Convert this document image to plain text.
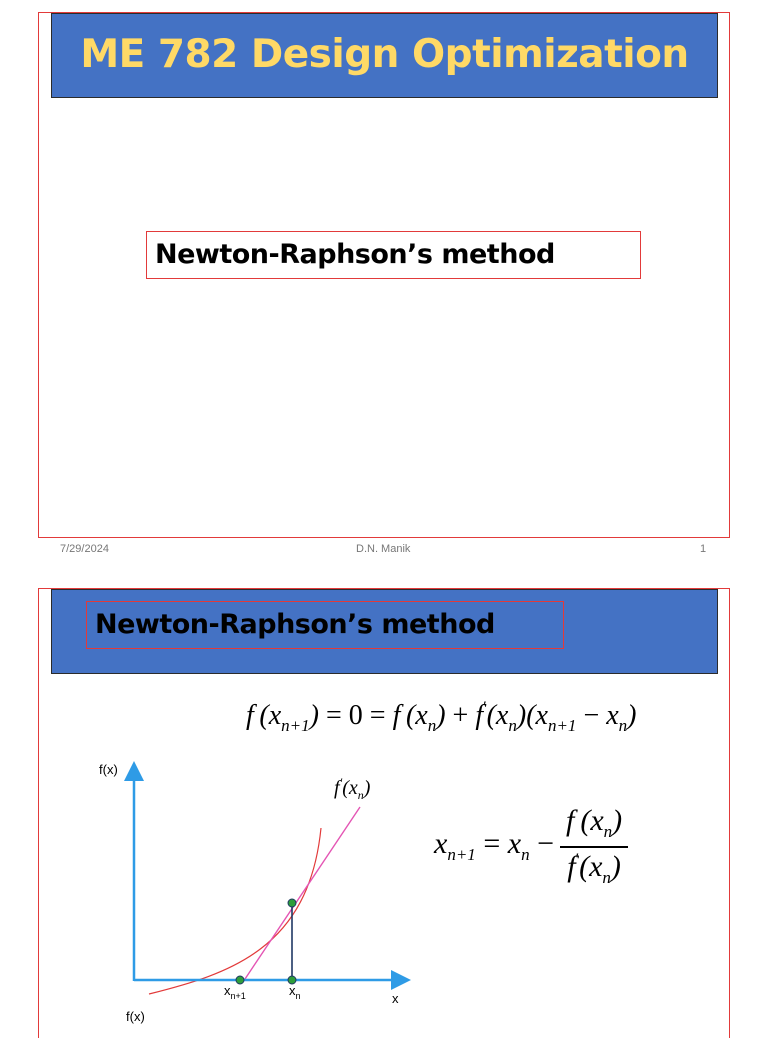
ME 782 Design Optimization
Newton-Raphson’s method
7/29/2024	D.N. Manik	1
Newton-Raphson’s method
f $(x_{n+1}) = 0 = f$ $(x_n) + f'(x_n)(x_{n+1} - x_n)$
$x_{n+1} = x_n - \frac{f (x_n)}{f'(x_n)}$
f(x)
x
f(x)
$x_{n+1}$	$x_n$
$f'(x_n)$
